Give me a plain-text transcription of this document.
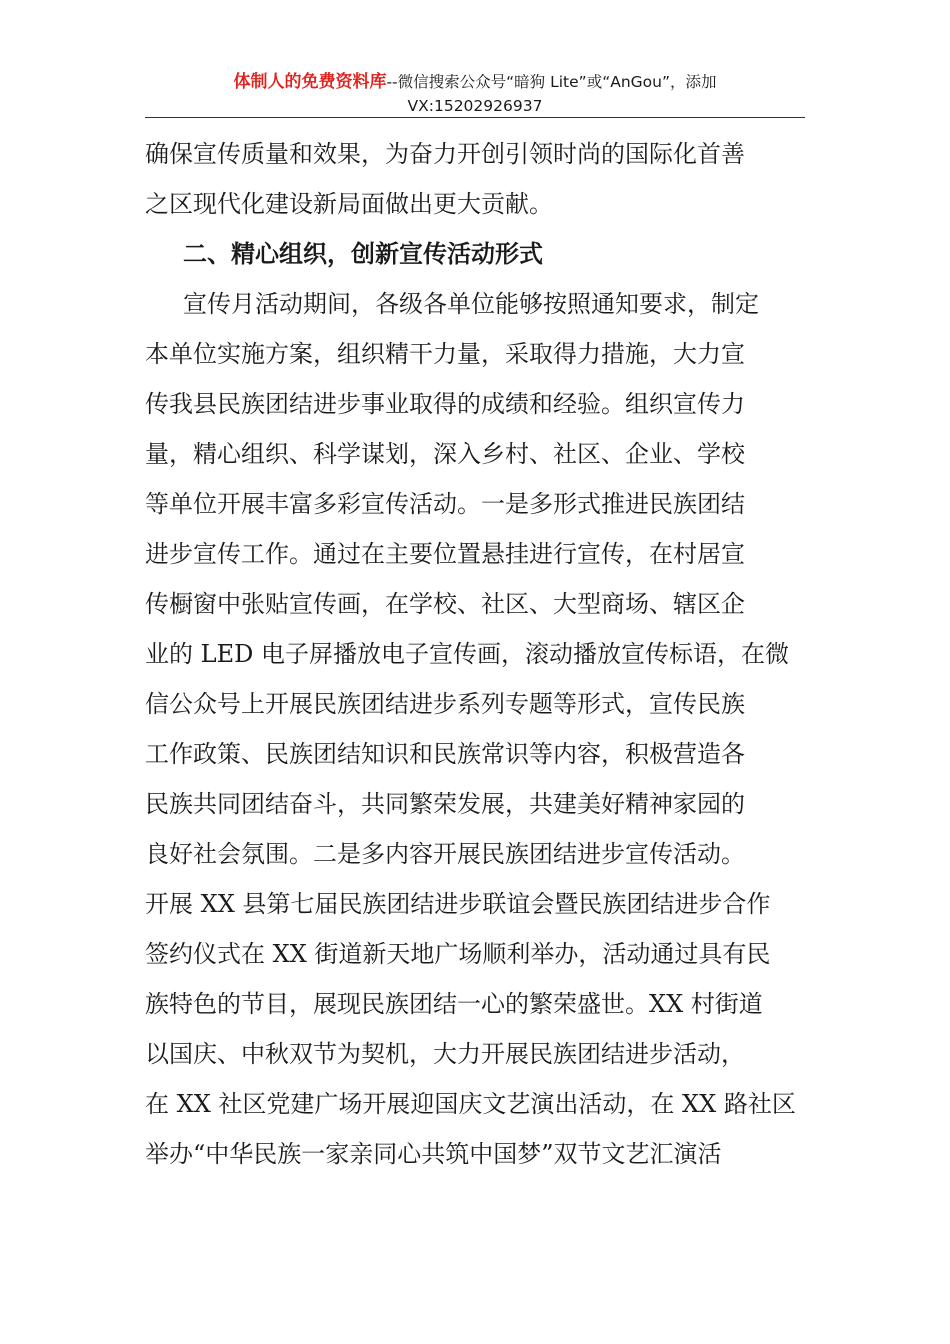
体制人的免费资料库--微信搜索公众号“暗狗 Lite”或“AnGou”，添加
VX:15202926937
确保宣传质量和效果，为奋力开创引领时尚的国际化首善
之区现代化建设新局面做出更大贡献。
二、精心组织，创新宣传活动形式
宣传月活动期间，各级各单位能够按照通知要求，制定
本单位实施方案，组织精干力量，采取得力措施，大力宣
传我县民族团结进步事业取得的成绩和经验。组织宣传力
量，精心组织、科学谋划，深入乡村、社区、企业、学校
等单位开展丰富多彩宣传活动。一是多形式推进民族团结
进步宣传工作。通过在主要位置悬挂进行宣传，在村居宣
传橱窗中张贴宣传画，在学校、社区、大型商场、辖区企
业的 LED 电子屏播放电子宣传画，滚动播放宣传标语，在微
信公众号上开展民族团结进步系列专题等形式，宣传民族
工作政策、民族团结知识和民族常识等内容，积极营造各
民族共同团结奋斗，共同繁荣发展，共建美好精神家园的
良好社会氛围。二是多内容开展民族团结进步宣传活动。
开展 XX 县第七届民族团结进步联谊会暨民族团结进步合作
签约仪式在 XX 街道新天地广场顺利举办，活动通过具有民
族特色的节目，展现民族团结一心的繁荣盛世。XX 村街道
以国庆、中秋双节为契机，大力开展民族团结进步活动，
在 XX 社区党建广场开展迎国庆文艺演出活动，在 XX 路社区
举办“中华民族一家亲同心共筑中国梦”双节文艺汇演活
